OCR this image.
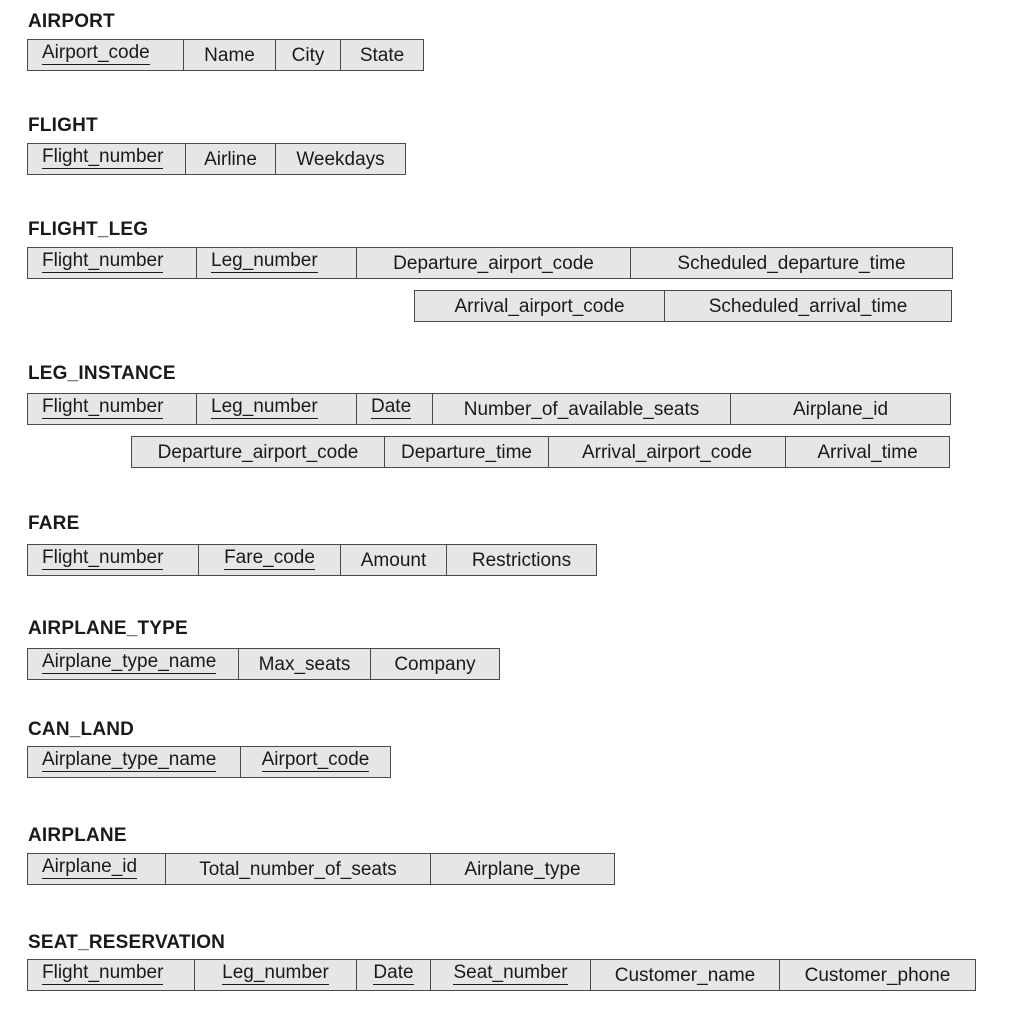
AIRPORT
Airport_code	Name	City	State
FLIGHT
Flight_number	Airline	Weekdays
FLIGHT_LEG
Flight_number	Leg_number	Departure_airport_code	Scheduled_departure_time
Arrival_airport_code	Scheduled_arrival_time
LEG_INSTANCE
Flight_number	Leg_number	Date	Number_of_available_seats	Airplane_id
Departure_airport_code	Departure_time	Arrival_airport_code	Arrival_time
FARE
Flight_number	Fare_code	Amount	Restrictions
AIRPLANE_TYPE
Airplane_type_name	Max_seats	Company
CAN_LAND
Airplane_type_name	Airport_code
AIRPLANE
Airplane_id	Total_number_of_seats	Airplane_type
SEAT_RESERVATION
Flight_number	Leg_number	Date	Seat_number	Customer_name	Customer_phone
